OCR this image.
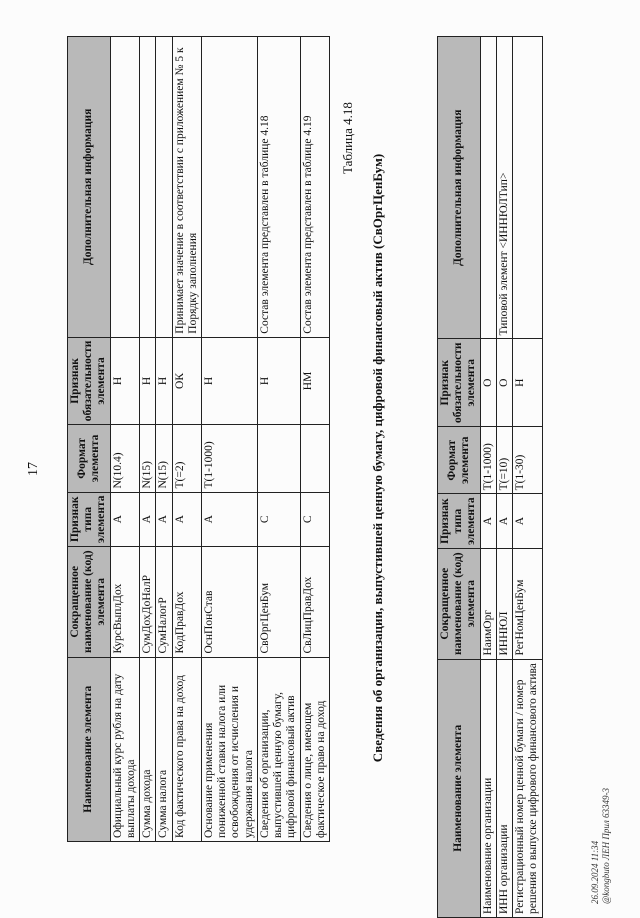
17
Наименование элемента	Сокращенное наименование (код) элемента	Признак типа элемента	Формат элемента	Признак обязательности элемента	Дополнительная информация
Официальный курс рубля на дату выплаты дохода	КурсВыплДох	А	N(10.4)	Н	
Сумма дохода	СумДохДоНалР	А	N(15)	Н	
Сумма налога	СумНалогР	А	N(15)	Н	
Код фактического права на доход	КодПравДох	А	T(=2)	ОК	Принимает значение в соответствии с приложением № 5 к Порядку заполнения
Основание применения пониженной ставки налога или освобождения от исчисления и удержания налога	ОснПонСтав	А	T(1-1000)	Н	
Сведения об организации, выпустившей ценную бумагу, цифровой финансовый актив	СвОргЦенБум	С		Н	Состав элемента представлен в таблице 4.18
Сведения о лице, имеющем фактическое право на доход	СвЛицПравДох	С		НМ	Состав элемента представлен в таблице 4.19 Таблица 4.18
Сведения об организации, выпустившей ценную бумагу, цифровой финансовый актив (СвОргЦенБум)
Наименование элемента	Сокращенное наименование (код) элемента	Признак типа элемента	Формат элемента	Признак обязательности элемента	Дополнительная информация
Наименование организации	НаимОрг	А	T(1-1000)	О	
ИНН организации	ИННЮЛ	А	T(=10)	О	Типовой элемент <ИННЮЛТип>
Регистрационный номер ценной бумаги / номер решения о выпуске цифрового финансового актива	РегНомЦенБум	А	T(1-30)	Н	
26.09.2024 11:34 @kongbuto ЛЕН Прил 63349-3
